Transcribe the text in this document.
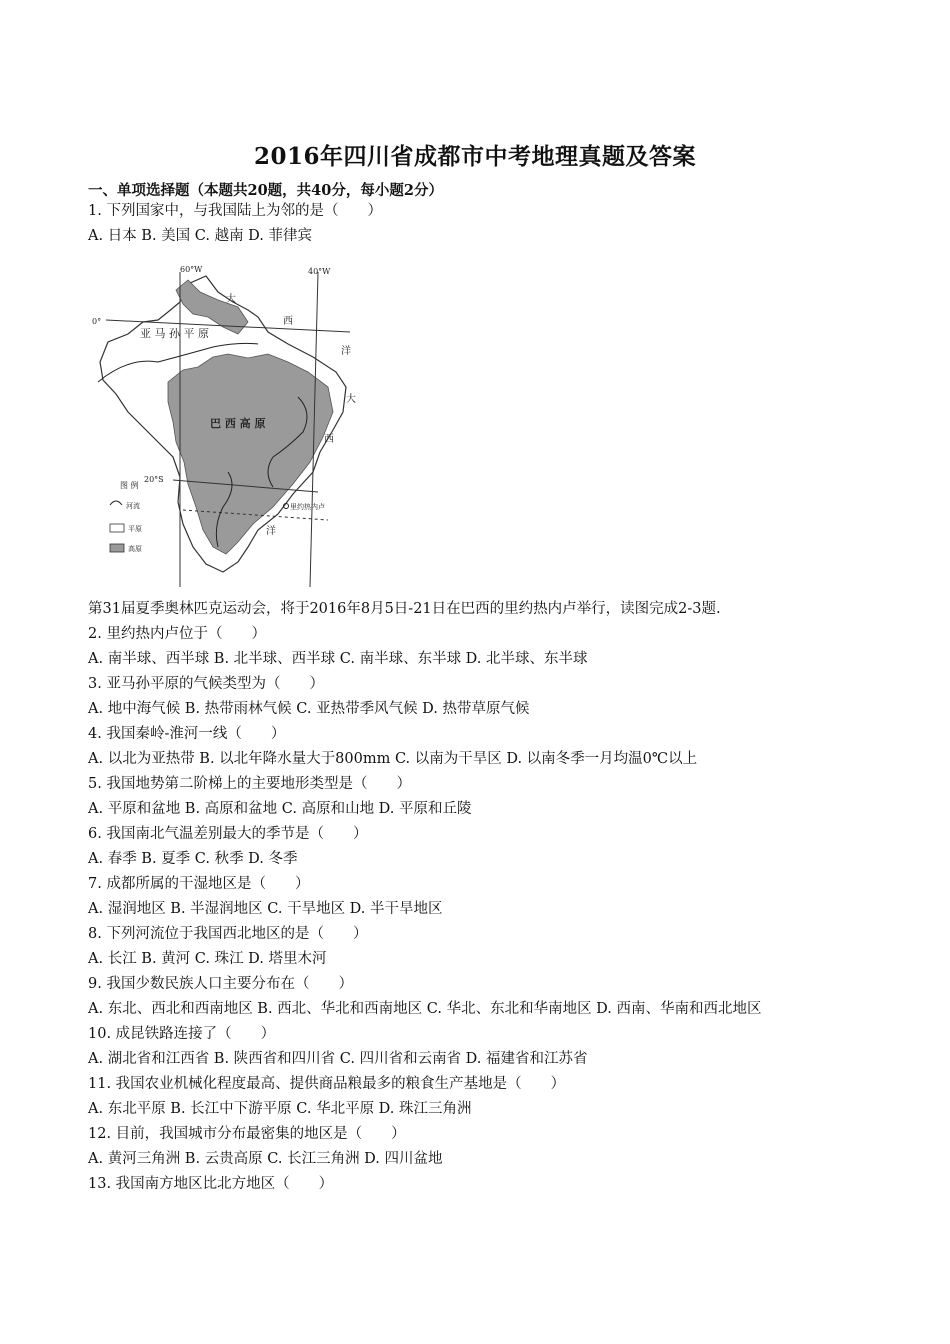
2016年四川省成都市中考地理真题及答案
一、单项选择题（本题共20题，共40分，每小题2分）
1. 下列国家中，与我国陆上为邻的是（　　）
A. 日本 B. 美国 C. 越南 D. 菲律宾
60°W	40°W
0°
20°S
亚 马 孙 平 原
巴 西 高 原
大
西
洋
大
西
洋
里约热内卢
图 例
河流
平原
高原
第31届夏季奥林匹克运动会，将于2016年8月5日-21日在巴西的里约热内卢举行，读图完成2-3题.
2. 里约热内卢位于（　　）
A. 南半球、西半球 B. 北半球、西半球 C. 南半球、东半球 D. 北半球、东半球
3. 亚马孙平原的气候类型为（　　）
A. 地中海气候 B. 热带雨林气候 C. 亚热带季风气候 D. 热带草原气候
4. 我国秦岭-淮河一线（　　）
A. 以北为亚热带 B. 以北年降水量大于800mm C. 以南为干旱区 D. 以南冬季一月均温0℃以上
5. 我国地势第二阶梯上的主要地形类型是（　　）
A. 平原和盆地 B. 高原和盆地 C. 高原和山地 D. 平原和丘陵
6. 我国南北气温差别最大的季节是（　　）
A. 春季 B. 夏季 C. 秋季 D. 冬季
7. 成都所属的干湿地区是（　　）
A. 湿润地区 B. 半湿润地区 C. 干旱地区 D. 半干旱地区
8. 下列河流位于我国西北地区的是（　　）
A. 长江 B. 黄河 C. 珠江 D. 塔里木河
9. 我国少数民族人口主要分布在（　　）
A. 东北、西北和西南地区 B. 西北、华北和西南地区 C. 华北、东北和华南地区 D. 西南、华南和西北地区
10. 成昆铁路连接了（　　）
A. 湖北省和江西省 B. 陕西省和四川省 C. 四川省和云南省 D. 福建省和江苏省
11. 我国农业机械化程度最高、提供商品粮最多的粮食生产基地是（　　）
A. 东北平原 B. 长江中下游平原 C. 华北平原 D. 珠江三角洲
12. 目前，我国城市分布最密集的地区是（　　）
A. 黄河三角洲 B. 云贵高原 C. 长江三角洲 D. 四川盆地
13. 我国南方地区比北方地区（　　）
